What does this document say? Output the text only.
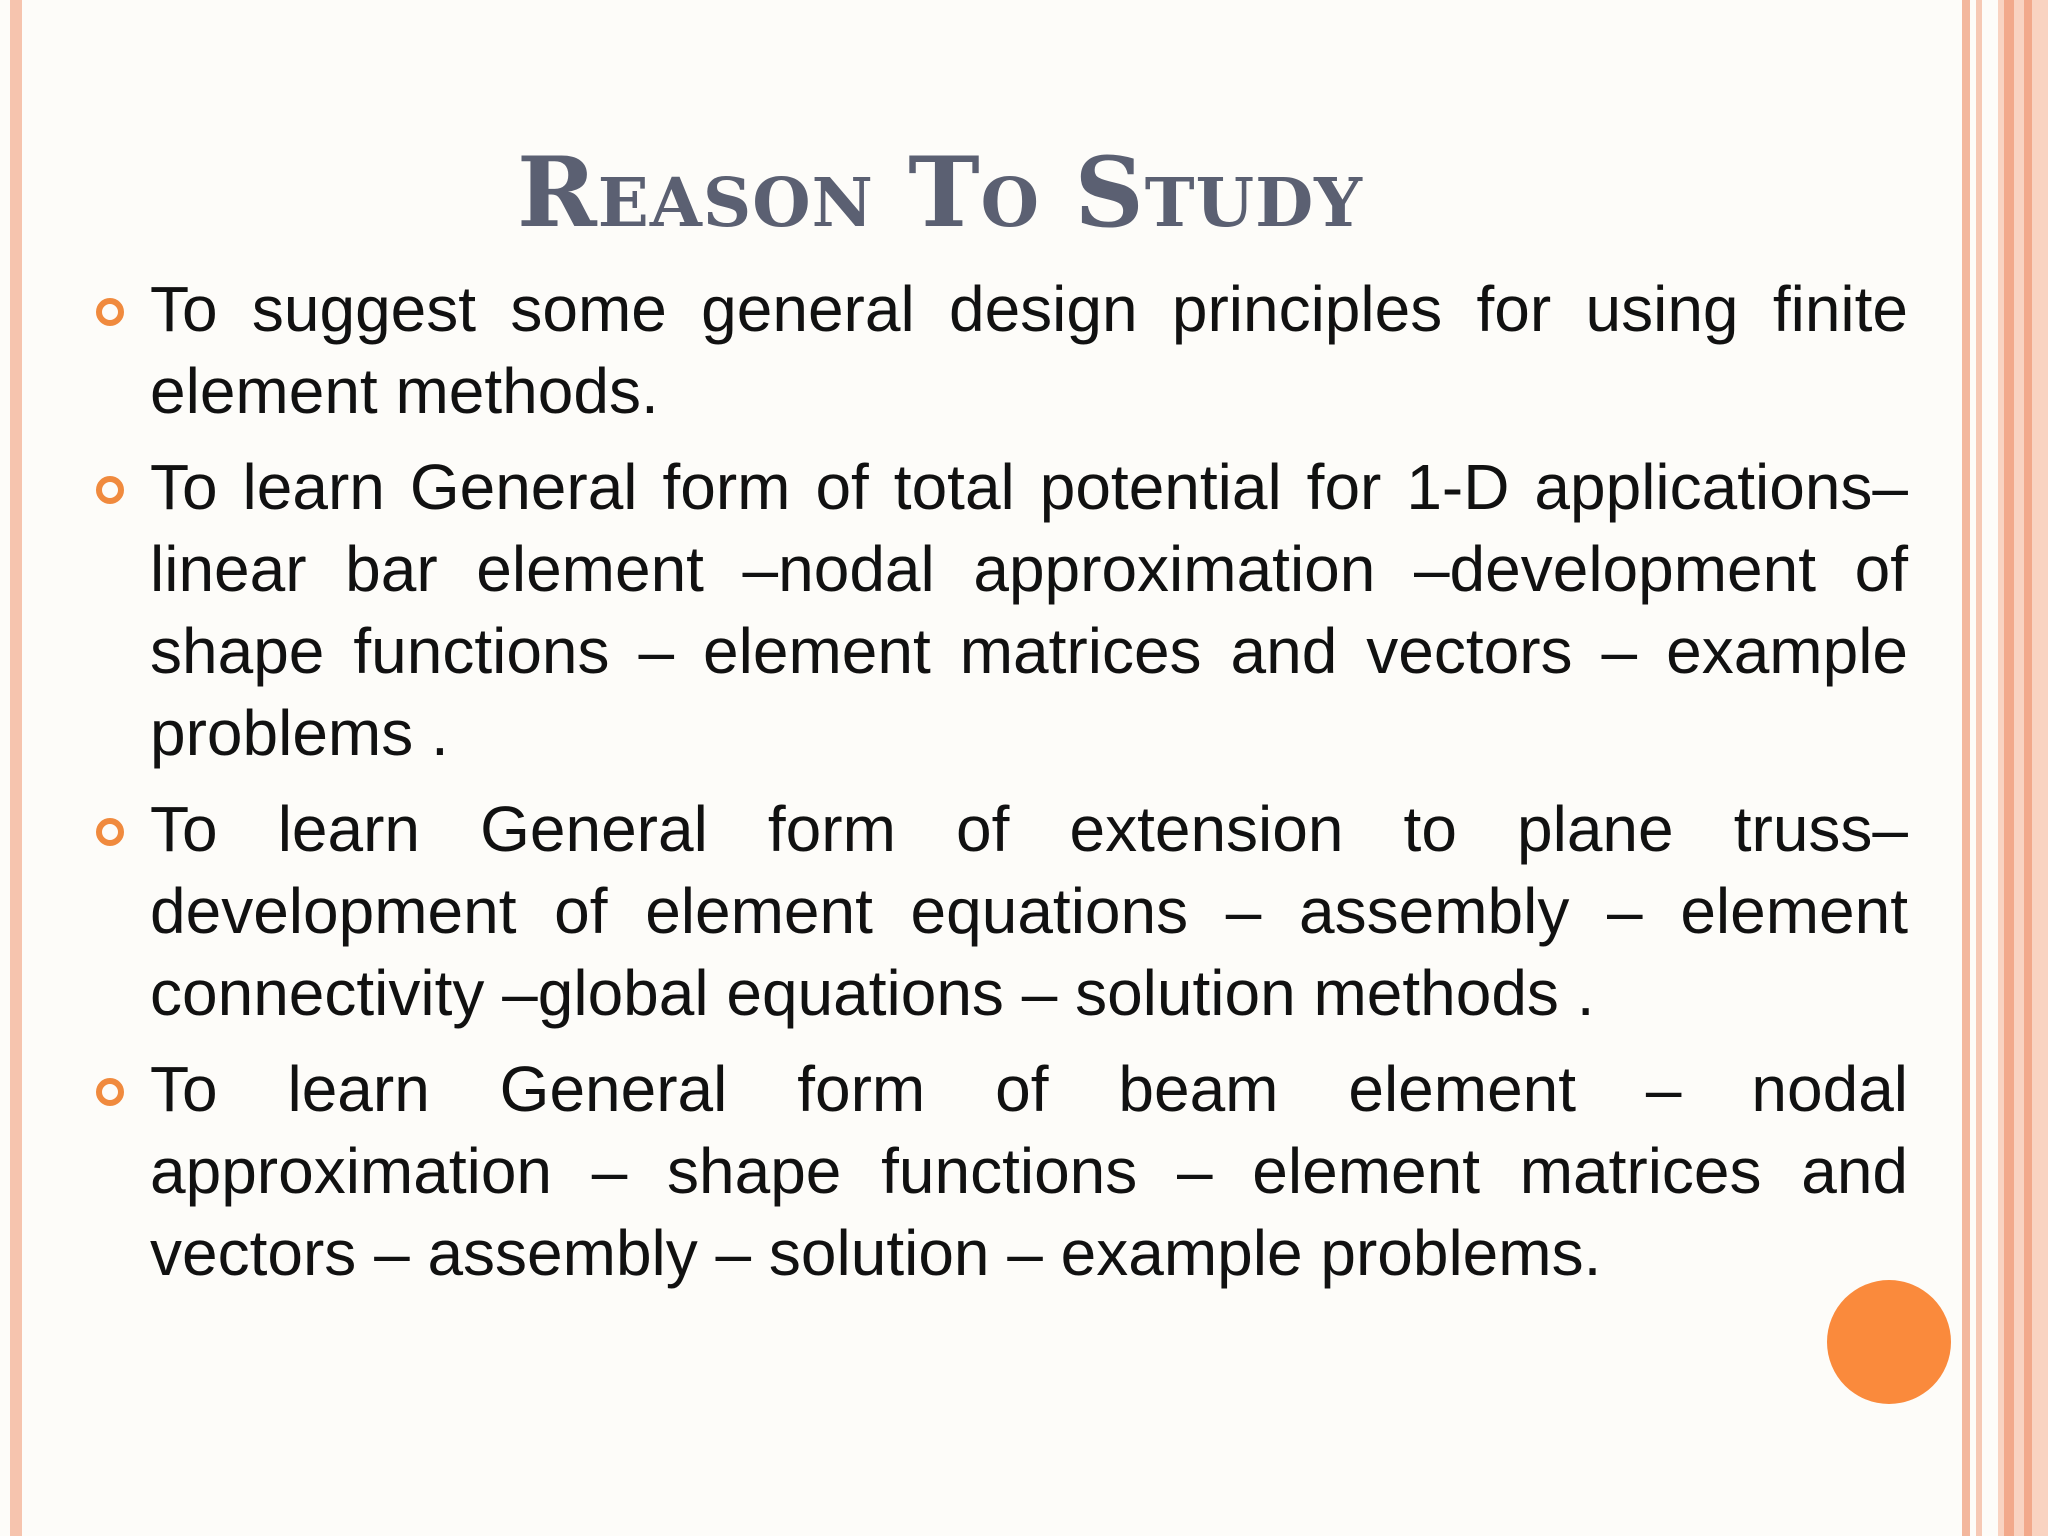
Reason To Study
To suggest some general design principles for using finite element methods.
To learn General form of total potential for 1-D applications– linear bar element –nodal approximation –development of shape functions – element matrices and vectors – example problems .
To learn General form of extension to plane truss– development of element equations – assembly – element connectivity –global equations – solution methods .
To learn General form of beam element – nodal approximation – shape functions – element matrices and vectors – assembly – solution – example problems.
